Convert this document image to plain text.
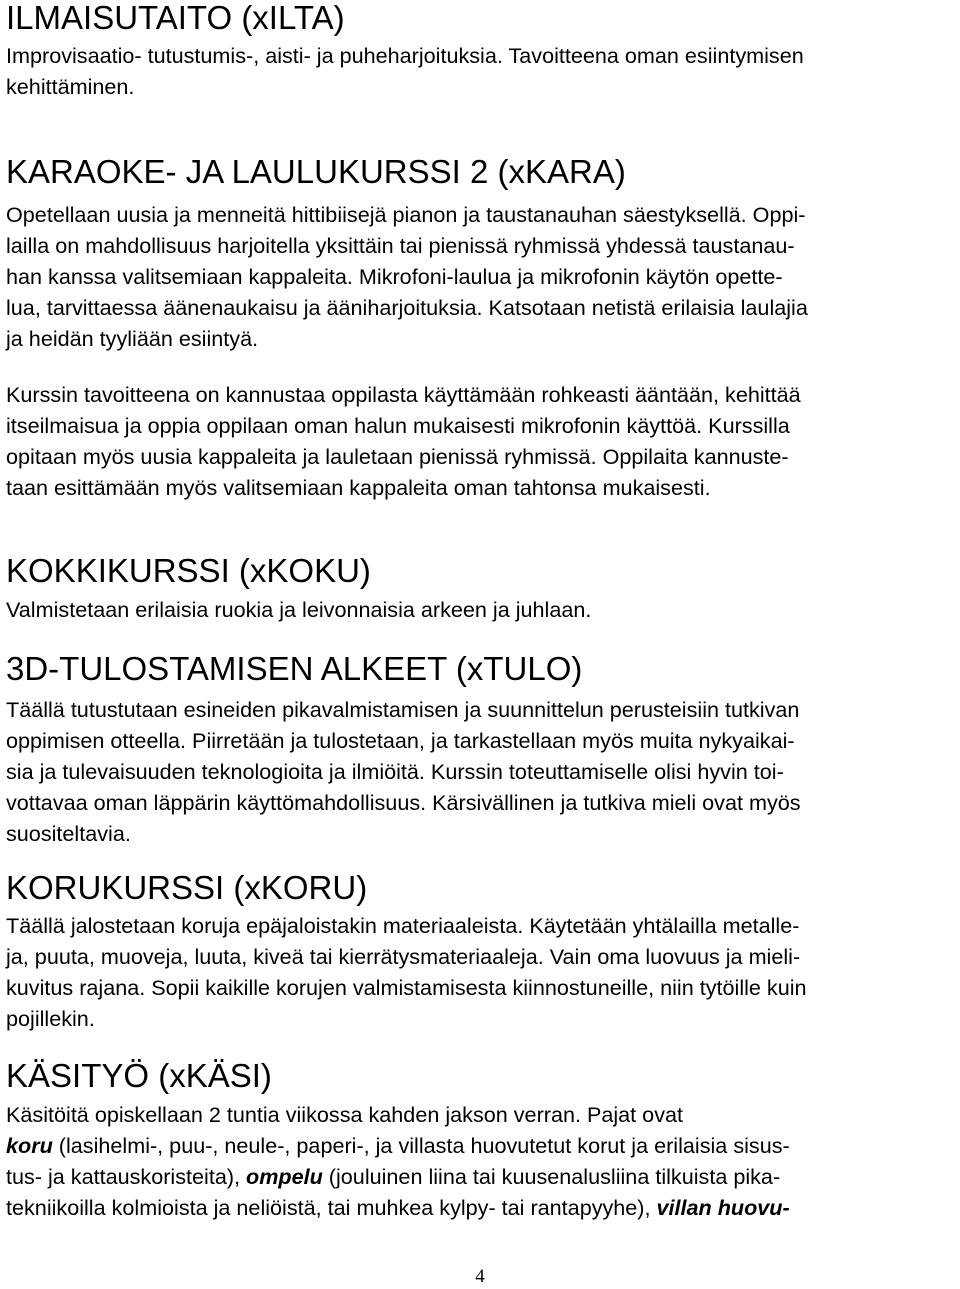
ILMAISUTAITO (xILTA)
Improvisaatio- tutustumis-, aisti- ja puheharjoituksia. Tavoitteena oman esiintymisen
kehittäminen.
KARAOKE- JA LAULUKURSSI 2 (xKARA)
Opetellaan uusia ja menneitä hittibiisejä pianon ja taustanauhan säestyksellä. Oppi-
lailla on mahdollisuus harjoitella yksittäin tai pienissä ryhmissä yhdessä taustanau-
han kanssa valitsemiaan kappaleita. Mikrofoni-laulua ja mikrofonin käytön opette-
lua, tarvittaessa äänenaukaisu ja ääniharjoituksia. Katsotaan netistä erilaisia laulajia
ja heidän tyyliään esiintyä.
Kurssin tavoitteena on kannustaa oppilasta käyttämään rohkeasti ääntään, kehittää
itseilmaisua ja oppia oppilaan oman halun mukaisesti mikrofonin käyttöä. Kurssilla
opitaan myös uusia kappaleita ja lauletaan pienissä ryhmissä. Oppilaita kannuste-
taan esittämään myös valitsemiaan kappaleita oman tahtonsa mukaisesti.
KOKKIKURSSI (xKOKU)
Valmistetaan erilaisia ruokia ja leivonnaisia arkeen ja juhlaan.
3D-TULOSTAMISEN ALKEET (xTULO)
Täällä tutustutaan esineiden pikavalmistamisen ja suunnittelun perusteisiin tutkivan
oppimisen otteella. Piirretään ja tulostetaan, ja tarkastellaan myös muita nykyaikai-
sia ja tulevaisuuden teknologioita ja ilmiöitä. Kurssin toteuttamiselle olisi hyvin toi-
vottavaa oman läppärin käyttömahdollisuus. Kärsivällinen ja tutkiva mieli ovat myös
suositeltavia.
KORUKURSSI (xKORU)
Täällä jalostetaan koruja epäjaloistakin materiaaleista. Käytetään yhtälailla metalle-
ja, puuta, muoveja, luuta, kiveä tai kierrätysmateriaaleja. Vain oma luovuus ja mieli-
kuvitus rajana. Sopii kaikille korujen valmistamisesta kiinnostuneille, niin tytöille kuin
pojillekin.
KÄSITYÖ (xKÄSI)
Käsitöitä opiskellaan 2 tuntia viikossa kahden jakson verran. Pajat ovat
koru (lasihelmi-, puu-, neule-, paperi-, ja villasta huovutetut korut ja erilaisia sisus-
tus- ja kattauskoristeita), ompelu (jouluinen liina tai kuusenalusliina tilkuista pika-
tekniikoilla kolmioista ja neliöistä, tai muhkea kylpy- tai rantapyyhe), villan huovu-
4
